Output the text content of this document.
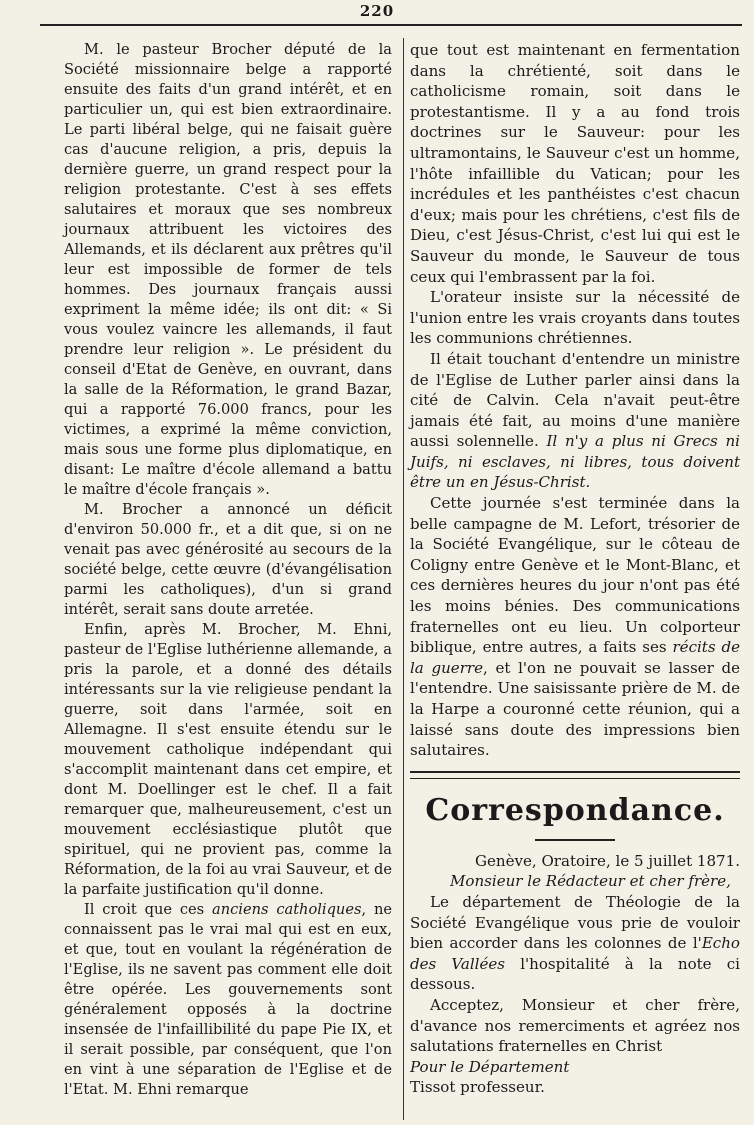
220

M. le pasteur Brocher député de la Société missionnaire belge a rapporté ensuite des faits d'un grand intérêt, et en particulier un, qui est bien extraordinaire. Le parti libéral belge, qui ne faisait guère cas d'aucune religion, a pris, depuis la dernière guerre, un grand respect pour la religion protestante. C'est à ses effets salutaires et moraux que ses nombreux journaux attribuent les victoires des Allemands, et ils déclarent aux prêtres qu'il leur est impossible de former de tels hommes. Des journaux français aussi expriment la même idée; ils ont dit: « Si vous voulez vaincre les allemands, il faut prendre leur religion ». Le président du conseil d'Etat de Genève, en ouvrant, dans la salle de la Réformation, le grand Bazar, qui a rapporté 76.000 francs, pour les victimes, a exprimé la même conviction, mais sous une forme plus diplomatique, en disant: Le maître d'école allemand a battu le maître d'école français ».

M. Brocher a annoncé un déficit d'environ 50.000 fr., et a dit que, si on ne venait pas avec générosité au secours de la société belge, cette œuvre (d'évangélisation parmi les catholiques), d'un si grand intérêt, serait sans doute arretée.

Enfin, après M. Brocher, M. Ehni, pasteur de l'Eglise luthérienne allemande, a pris la parole, et a donné des détails intéressants sur la vie religieuse pendant la guerre, soit dans l'armée, soit en Allemagne. Il s'est ensuite étendu sur le mouvement catholique indépendant qui s'accomplit maintenant dans cet empire, et dont M. Doellinger est le chef. Il a fait remarquer que, malheureusement, c'est un mouvement ecclésiastique plutôt que spirituel, qui ne provient pas, comme la Réformation, de la foi au vrai Sauveur, et de la parfaite justification qu'il donne.

Il croit que ces anciens catholiques, ne connaissent pas le vrai mal qui est en eux, et que, tout en voulant la régénération de l'Eglise, ils ne savent pas comment elle doit être opérée. Les gouvernements sont généralement opposés à la doctrine insensée de l'infaillibilité du pape Pie IX, et il serait possible, par conséquent, que l'on en vint à une séparation de l'Eglise et de l'Etat. M. Ehni remarque

que tout est maintenant en fermentation dans la chrétienté, soit dans le catholicisme romain, soit dans le protestantisme. Il y a au fond trois doctrines sur le Sauveur: pour les ultramontains, le Sauveur c'est un homme, l'hôte infaillible du Vatican; pour les incrédules et les panthéistes c'est chacun d'eux; mais pour les chrétiens, c'est fils de Dieu, c'est Jésus-Christ, c'est lui qui est le Sauveur du monde, le Sauveur de tous ceux qui l'embrassent par la foi.

L'orateur insiste sur la nécessité de l'union entre les vrais croyants dans toutes les communions chrétiennes.

Il était touchant d'entendre un ministre de l'Eglise de Luther parler ainsi dans la cité de Calvin. Cela n'avait peut-être jamais été fait, au moins d'une manière aussi solennelle. Il n'y a plus ni Grecs ni Juifs, ni esclaves, ni libres, tous doivent être un en Jésus-Christ.

Cette journée s'est terminée dans la belle campagne de M. Lefort, trésorier de la Société Evangélique, sur le côteau de Coligny entre Genève et le Mont-Blanc, et ces dernières heures du jour n'ont pas été les moins bénies. Des communications fraternelles ont eu lieu. Un colporteur biblique, entre autres, a faits ses récits de la guerre, et l'on ne pouvait se lasser de l'entendre. Une saisissante prière de M. de la Harpe a couronné cette réunion, qui a laissé sans doute des impressions bien salutaires.

Correspondance.

Genève, Oratoire, le 5 juillet 1871.

Monsieur le Rédacteur et cher frère,

Le département de Théologie de la Société Evangélique vous prie de vouloir bien accorder dans les colonnes de l'Echo des Vallées l'hospitalité à la note ci dessous.

Acceptez, Monsieur et cher frère, d'avance nos remerciments et agréez nos salutations fraternelles en Christ

Pour le Département

Tissot professeur.
